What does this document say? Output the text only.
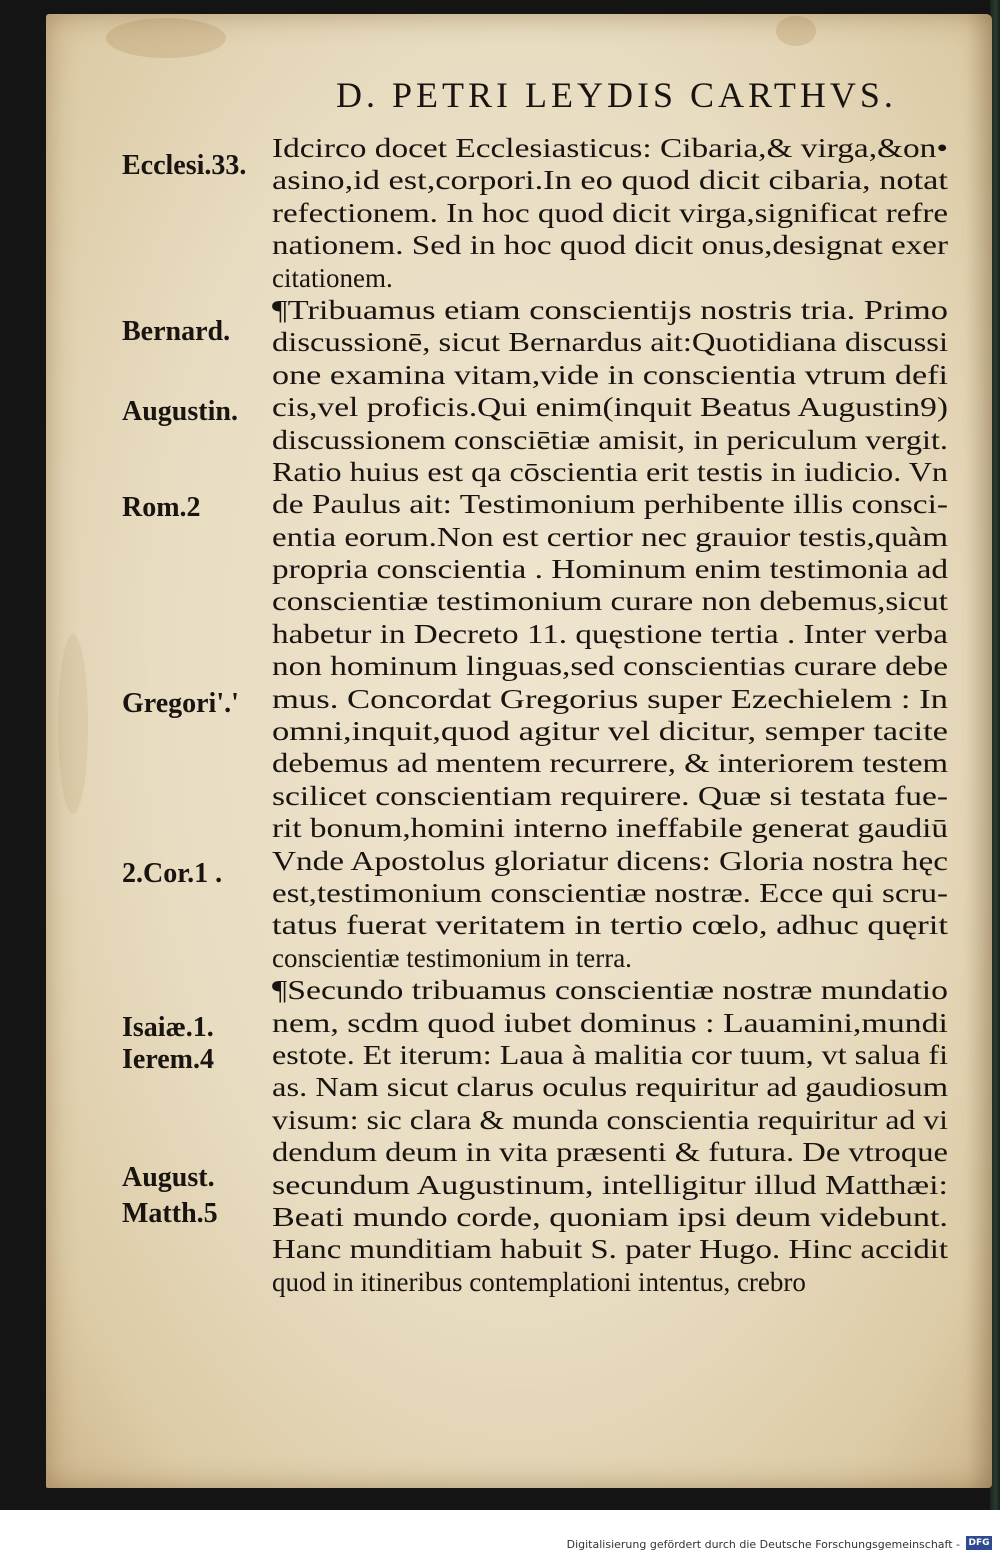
D. PETRI LEYDIS CARTHVS.
Ecclesi.33.
Bernard.
Augustin.
Rom.2
Gregori'.'
2.Cor.1 .
Isaiæ.1.
Ierem.4
August.
Matth.5
Idcirco docet Ecclesiasticus: Cibaria,& virga,&on•
asino,id est,corpori.In eo quod dicit cibaria, notat
refectionem. In hoc quod dicit virga,significat refre
nationem. Sed in hoc quod dicit onus,designat exer
citationem.
¶Tribuamus etiam conscientijs nostris tria. Primo
discussionē, sicut Bernardus ait:Quotidiana discussi
one examina vitam,vide in conscientia vtrum defi
cis,vel proficis.Qui enim(inquit Beatus Augustin9)
discussionem consciētiæ amisit, in periculum vergit.
Ratio huius est qa cōscientia erit testis in iudicio. Vn
de Paulus ait: Testimonium perhibente illis consci-
entia eorum.Non est certior nec grauior testis,quàm
propria conscientia . Hominum enim testimonia ad
conscientiæ testimonium curare non debemus,sicut
habetur in Decreto 11. quęstione tertia . Inter verba
non hominum linguas,sed conscientias curare debe
mus. Concordat Gregorius super Ezechielem : In
omni,inquit,quod agitur vel dicitur, semper tacite
debemus ad mentem recurrere, & interiorem testem
scilicet conscientiam requirere. Quæ si testata fue-
rit bonum,homini interno ineffabile generat gaudiū
Vnde Apostolus gloriatur dicens: Gloria nostra hęc
est,testimonium conscientiæ nostræ. Ecce qui scru-
tatus fuerat veritatem in tertio cœlo, adhuc quęrit
conscientiæ testimonium in terra.
¶Secundo tribuamus conscientiæ nostræ mundatio
nem, scdm quod iubet dominus : Lauamini,mundi
estote. Et iterum: Laua à malitia cor tuum, vt salua fi
as. Nam sicut clarus oculus requiritur ad gaudiosum
visum: sic clara & munda conscientia requiritur ad vi
dendum deum in vita præsenti & futura. De vtroque
secundum Augustinum, intelligitur illud Matthæi:
Beati mundo corde, quoniam ipsi deum videbunt.
Hanc munditiam habuit S. pater Hugo. Hinc accidit
quod in itineribus contemplationi intentus, crebro
Digitalisierung gefördert durch die Deutsche Forschungsgemeinschaft - DFG
